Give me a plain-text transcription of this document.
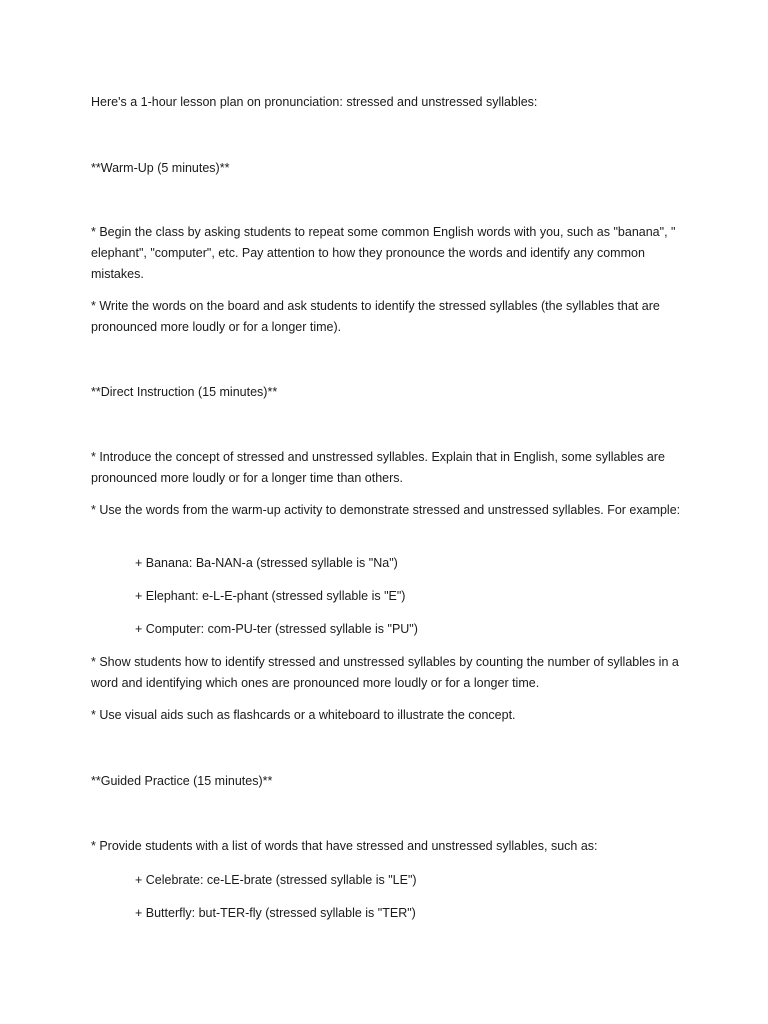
Here's a 1-hour lesson plan on pronunciation: stressed and unstressed syllables:
**Warm-Up (5 minutes)**
* Begin the class by asking students to repeat some common English words with you, such as "banana", " elephant", "computer", etc. Pay attention to how they pronounce the words and identify any common mistakes.
* Write the words on the board and ask students to identify the stressed syllables (the syllables that are pronounced more loudly or for a longer time).
**Direct Instruction (15 minutes)**
* Introduce the concept of stressed and unstressed syllables. Explain that in English, some syllables are pronounced more loudly or for a longer time than others.
* Use the words from the warm-up activity to demonstrate stressed and unstressed syllables. For example:
+ Banana: Ba-NAN-a (stressed syllable is "Na")
+ Elephant: e-L-E-phant (stressed syllable is "E")
+ Computer: com-PU-ter (stressed syllable is "PU")
* Show students how to identify stressed and unstressed syllables by counting the number of syllables in a word and identifying which ones are pronounced more loudly or for a longer time.
* Use visual aids such as flashcards or a whiteboard to illustrate the concept.
**Guided Practice (15 minutes)**
* Provide students with a list of words that have stressed and unstressed syllables, such as:
+ Celebrate: ce-LE-brate (stressed syllable is "LE")
+ Butterfly: but-TER-fly (stressed syllable is "TER")
